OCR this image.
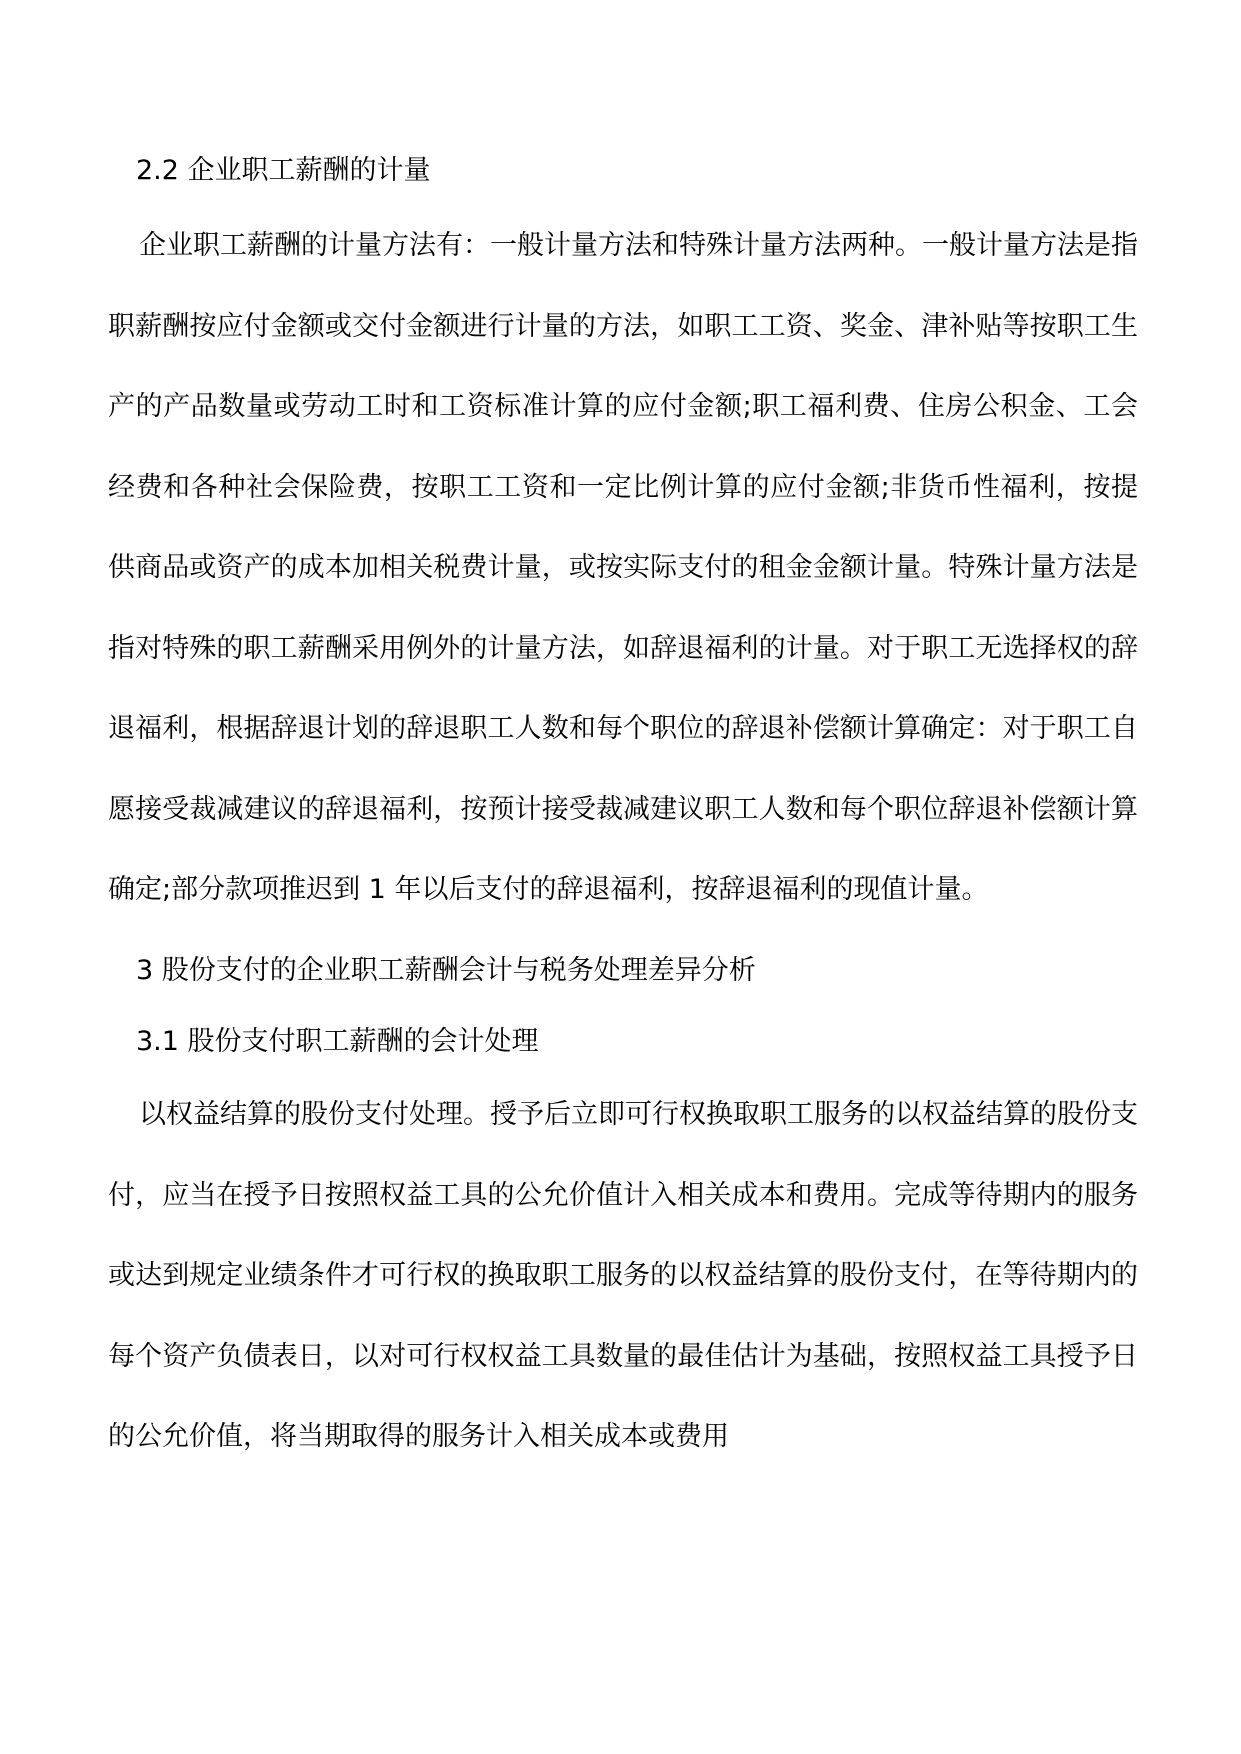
2.2 企业职工薪酬的计量

企业职工薪酬的计量方法有：一般计量方法和特殊计量方法两种。一般计量方法是指职薪酬按应付金额或交付金额进行计量的方法，如职工工资、奖金、津补贴等按职工生产的产品数量或劳动工时和工资标准计算的应付金额;职工福利费、住房公积金、工会经费和各种社会保险费，按职工工资和一定比例计算的应付金额;非货币性福利，按提供商品或资产的成本加相关税费计量，或按实际支付的租金金额计量。特殊计量方法是指对特殊的职工薪酬采用例外的计量方法，如辞退福利的计量。对于职工无选择权的辞退福利，根据辞退计划的辞退职工人数和每个职位的辞退补偿额计算确定：对于职工自愿接受裁减建议的辞退福利，按预计接受裁减建议职工人数和每个职位辞退补偿额计算确定;部分款项推迟到 1 年以后支付的辞退福利，按辞退福利的现值计量。

3 股份支付的企业职工薪酬会计与税务处理差异分析
3.1 股份支付职工薪酬的会计处理

以权益结算的股份支付处理。授予后立即可行权换取职工服务的以权益结算的股份支付，应当在授予日按照权益工具的公允价值计入相关成本和费用。完成等待期内的服务或达到规定业绩条件才可行权的换取职工服务的以权益结算的股份支付，在等待期内的每个资产负债表日，以对可行权权益工具数量的最佳估计为基础，按照权益工具授予日的公允价值，将当期取得的服务计入相关成本或费用
